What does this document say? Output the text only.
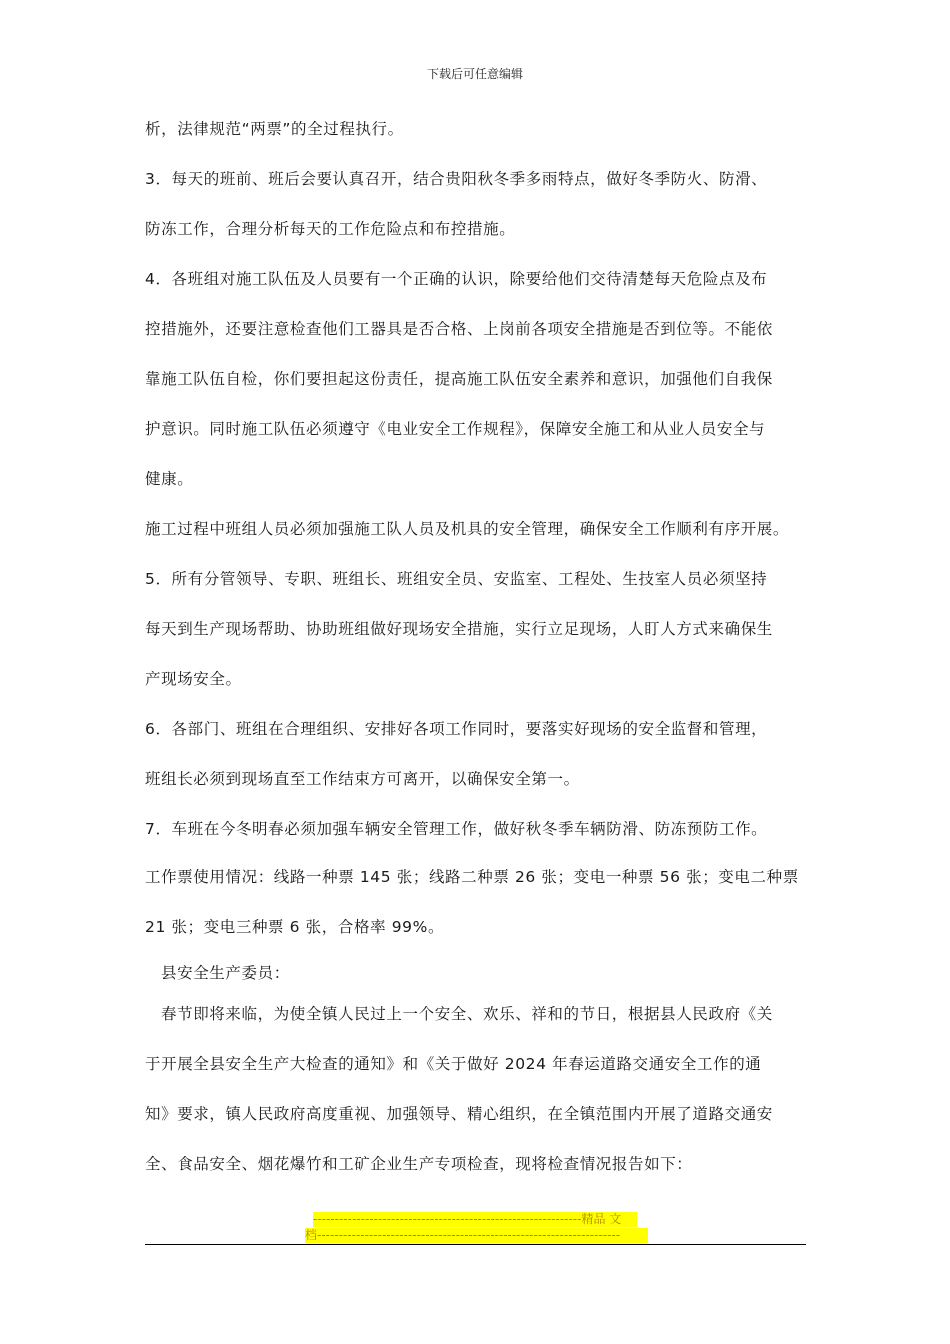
下载后可任意编辑
析，法律规范“两票”的全过程执行。
3．每天的班前、班后会要认真召开，结合贵阳秋冬季多雨特点，做好冬季防火、防滑、
防冻工作，合理分析每天的工作危险点和布控措施。
4．各班组对施工队伍及人员要有一个正确的认识，除要给他们交待清楚每天危险点及布
控措施外，还要注意检查他们工器具是否合格、上岗前各项安全措施是否到位等。不能依
靠施工队伍自检，你们要担起这份责任，提高施工队伍安全素养和意识，加强他们自我保
护意识。同时施工队伍必须遵守《电业安全工作规程》，保障安全施工和从业人员安全与
健康。
施工过程中班组人员必须加强施工队人员及机具的安全管理，确保安全工作顺利有序开展。
5．所有分管领导、专职、班组长、班组安全员、安监室、工程处、生技室人员必须坚持
每天到生产现场帮助、协助班组做好现场安全措施，实行立足现场，人盯人方式来确保生
产现场安全。
6．各部门、班组在合理组织、安排好各项工作同时，要落实好现场的安全监督和管理，
班组长必须到现场直至工作结束方可离开，以确保安全第一。
7．车班在今冬明春必须加强车辆安全管理工作，做好秋冬季车辆防滑、防冻预防工作。
工作票使用情况：线路一种票 145 张；线路二种票 26 张；变电一种票 56 张；变电二种票
21 张；变电三种票 6 张，合格率 99%。
县安全生产委员：
春节即将来临，为使全镇人民过上一个安全、欢乐、祥和的节日，根据县人民政府《关
于开展全县安全生产大检查的通知》和《关于做好 2024 年春运道路交通安全工作的通
知》要求，镇人民政府高度重视、加强领导、精心组织，在全镇范围内开展了道路交通安
全、食品安全、烟花爆竹和工矿企业生产专项检查，现将检查情况报告如下：
--------------------------------------------------------------精品 文
档----------------------------------------------------------------------
